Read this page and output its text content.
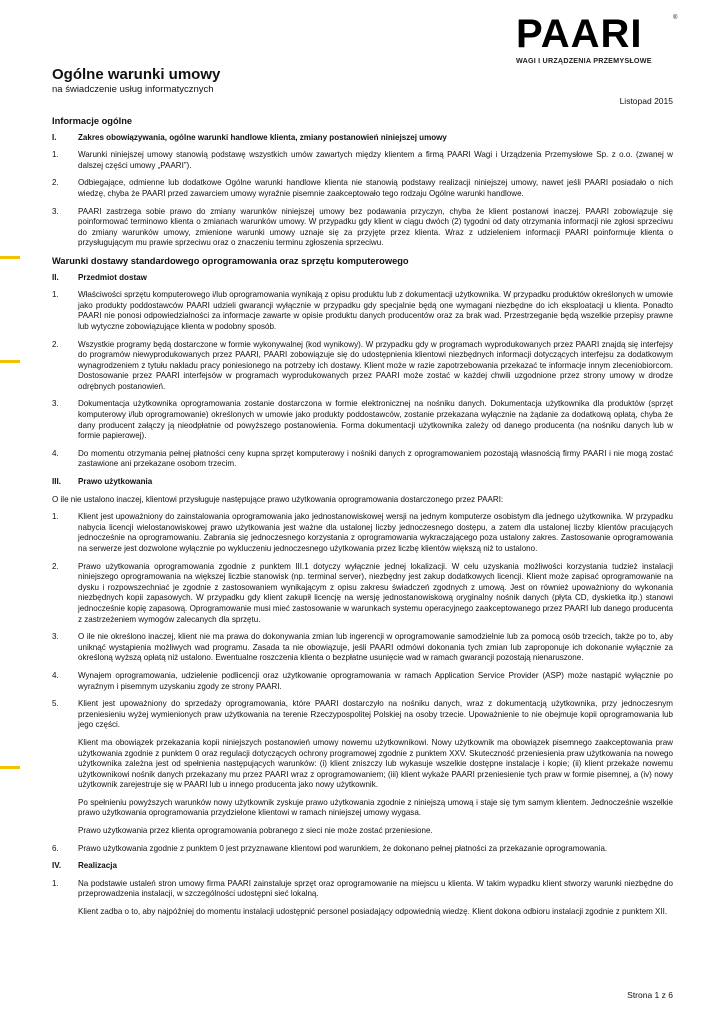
PAARI	®
WAGI I URZĄDZENIA PRZEMYSŁOWE
Ogólne warunki umowy
na świadczenie usług informatycznych
Listopad 2015
Informacje ogólne
I.	Zakres obowiązywania, ogólne warunki handlowe klienta, zmiany postanowień niniejszej umowy
1.	Warunki niniejszej umowy stanowią podstawę wszystkich umów zawartych między klientem a firmą PAARI Wagi i Urządzenia Przemysłowe Sp. z o.o. (zwanej w dalszej części umowy „PAARI”).
2.	Odbiegające, odmienne lub dodatkowe Ogólne warunki handlowe klienta nie stanowią podstawy realizacji niniejszej umowy, nawet jeśli PAARI posiadało o nich wiedzę, chyba że PAARI przed zawarciem umowy wyraźnie pisemnie zaakceptowało tego rodzaju Ogólne warunki handlowe.
3.	PAARI zastrzega sobie prawo do zmiany warunków niniejszej umowy bez podawania przyczyn, chyba że klient postanowi inaczej. PAARI zobowiązuje się poinformować terminowo klienta o zmianach warunków umowy. W przypadku gdy klient w ciągu dwóch (2) tygodni od daty otrzymania informacji nie zgłosi sprzeciwu do zmiany warunków umowy, zmienione warunki umowy uznaje się za przyjęte przez klienta. Wraz z udzieleniem informacji PAARI poinformuje klienta o przysługującym mu prawie sprzeciwu oraz o znaczeniu terminu zgłoszenia sprzeciwu.
Warunki dostawy standardowego oprogramowania oraz sprzętu komputerowego
II.	Przedmiot dostaw
1.	Właściwości sprzętu komputerowego i/lub oprogramowania wynikają z opisu produktu lub z dokumentacji użytkownika. W przypadku produktów określonych w umowie jako produkty poddostawców PAARI udzieli gwarancji wyłącznie w przypadku gdy specjalnie będą one wymagani niezbędne do ich eksploatacji u klienta. Ponadto PAARI nie ponosi odpowiedzialności za informacje zawarte w opisie produktu danych producentów oraz za brak wad. Przestrzeganie będą wszelkie przepisy prawne lub wytyczne zobowiązujące klienta w podobny sposób.
2.	Wszystkie programy będą dostarczone w formie wykonywalnej (kod wynikowy). W przypadku gdy w programach wyprodukowanych przez PAARI znajdą się interfejsy do programów niewyprodukowanych przez PAARI, PAARI zobowiązuje się do udostępnienia klientowi niezbędnych informacji dotyczących interfejsu za dodatkowym wynagrodzeniem z tytułu nakładu pracy poniesionego na potrzeby ich dostawy. Klient może w razie zapotrzebowania przekazać te informacje innym zleceniobiorcom. Dostosowanie przez PAARI interfejsów w programach wyprodukowanych przez PAARI może zostać w każdej chwili uzgodnione przez strony umowy w drodze odrębnych postanowień.
3.	Dokumentacja użytkownika oprogramowania zostanie dostarczona w formie elektronicznej na nośniku danych. Dokumentacja użytkownika dla produktów (sprzęt komputerowy i/lub oprogramowanie) określonych w umowie jako produkty poddostawców, zostanie przekazana wyłącznie na żądanie za dodatkową opłatą, chyba że dany producent załączy ją nieodpłatnie od powyższego postanowienia. Forma dokumentacji użytkownika zależy od danego producenta (na nośniku danych lub w formie papierowej).
4.	Do momentu otrzymania pełnej płatności ceny kupna sprzęt komputerowy i nośniki danych z oprogramowaniem pozostają własnością firmy PAARI i nie mogą zostać zastawione ani przekazane osobom trzecim.
III.	Prawo użytkowania
O ile nie ustalono inaczej, klientowi przysługuje następujące prawo użytkowania oprogramowania dostarczonego przez PAARI:
1.	Klient jest upoważniony do zainstalowania oprogramowania jako jednostanowiskowej wersji na jednym komputerze osobistym dla jednego użytkownika. W przypadku nabycia licencji wielostanowiskowej prawo użytkowania jest ważne dla ustalonej liczby jednoczesnego dostępu, a zatem dla ustalonej liczby klientów pracujących jednocześnie na oprogramowaniu. Zabrania się jednoczesnego korzystania z oprogramowania wykraczającego poza ustalony zakres. Zastosowanie oprogramowania na serwerze jest dozwolone wyłącznie po wykluczeniu jednoczesnego użytkowania przez liczbę klientów większą niż to ustalono.
2.	Prawo użytkowania oprogramowania zgodnie z punktem III.1 dotyczy wyłącznie jednej lokalizacji. W celu uzyskania możliwości korzystania tudzież instalacji niniejszego oprogramowania na większej liczbie stanowisk (np. terminal server), niezbędny jest zakup dodatkowych licencji. Klient może zapisać oprogramowanie na dysku i rozpowszechniać je zgodnie z zastosowaniem wynikającym z opisu zakresu świadczeń zgodnych z umową. Jest on również upoważniony do wykonania niezbędnych kopii zapasowych. W przypadku gdy klient zakupił licencję na wersję jednostanowiskową oryginalny nośnik danych (płyta CD, dyskietka itp.) stanowi jednocześnie kopię zapasową. Oprogramowanie musi mieć zastosowanie w warunkach systemu operacyjnego zaakceptowanego przez PAARI lub danego producenta z zastrzeżeniem wymogów zalecanych dla sprzętu.
3.	O ile nie określono inaczej, klient nie ma prawa do dokonywania zmian lub ingerencji w oprogramowanie samodzielnie lub za pomocą osób trzecich, także po to, aby uniknąć wystąpienia możliwych wad programu. Zasada ta nie obowiązuje, jeśli PAARI odmówi dokonania tych zmian lub zaproponuje ich dokonanie wyłącznie za określoną wyższą opłatą niż ustalono. Ewentualne roszczenia klienta o bezpłatne usunięcie wad w ramach gwarancji pozostają nienaruszone.
4.	Wynajem oprogramowania, udzielenie podlicencji oraz użytkowanie oprogramowania w ramach Application Service Provider (ASP) może nastąpić wyłącznie po wyraźnym i pisemnym uzyskaniu zgody ze strony PAARI.
5.	Klient jest upoważniony do sprzedaży oprogramowania, które PAARI dostarczyło na nośniku danych, wraz z dokumentacją użytkownika, przy jednoczesnym przeniesieniu wyżej wymienionych praw użytkowania na terenie Rzeczypospolitej Polskiej na osoby trzecie. Upoważnienie to nie obejmuje kopii oprogramowania lub jego części.
Klient ma obowiązek przekazania kopii niniejszych postanowień umowy nowemu użytkownikowi. Nowy użytkownik ma obowiązek pisemnego zaakceptowania praw użytkowania zgodnie z punktem 0 oraz regulacji dotyczących ochrony programowej zgodnie z punktem XXV. Skuteczność przeniesienia praw użytkowania na nowego użytkownika zależna jest od spełnienia następujących warunków: (i) klient zniszczy lub wykasuje wszelkie dostępne instalacje i kopie; (ii) klient przekaże nowemu użytkownikowi nośnik danych przekazany mu przez PAARI wraz z oprogramowaniem; (iii) klient wykaże PAARI przeniesienie tych praw w formie pisemnej, a (iv) nowy użytkownik zarejestruje się w PAARI lub u innego producenta jako nowy użytkownik.
Po spełnieniu powyższych warunków nowy użytkownik zyskuje prawo użytkowania zgodnie z niniejszą umową i staje się tym samym klientem. Jednocześnie wszelkie prawo użytkowania oprogramowania przydzielone klientowi w ramach niniejszej umowy wygasa.
Prawo użytkowania przez klienta oprogramowania pobranego z sieci nie może zostać przeniesione.
6.	Prawo użytkowania zgodnie z punktem 0 jest przyznawane klientowi pod warunkiem, że dokonano pełnej płatności za przekazanie oprogramowania.
IV.	Realizacja
1.	Na podstawie ustaleń stron umowy firma PAARI zainstaluje sprzęt oraz oprogramowanie na miejscu u klienta. W takim wypadku klient stworzy warunki niezbędne do przeprowadzenia instalacji, w szczególności udostępni sieć lokalną.
Klient zadba o to, aby najpóźniej do momentu instalacji udostępnić personel posiadający odpowiednią wiedzę. Klient dokona odbioru instalacji zgodnie z punktem XII.
Strona 1 z 6
